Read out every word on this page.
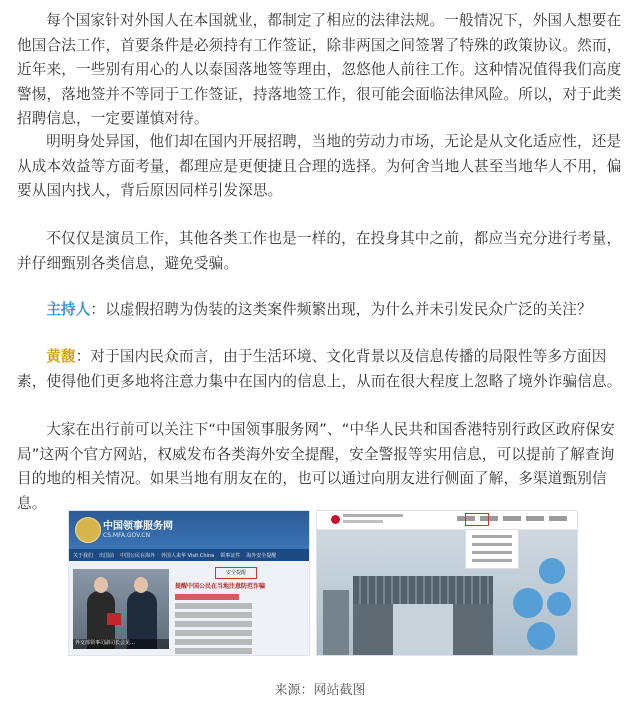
每个国家针对外国人在本国就业，都制定了相应的法律法规。一般情况下，外国人想要在他国合法工作，首要条件是必须持有工作签证，除非两国之间签署了特殊的政策协议。然而，近年来，一些别有用心的人以泰国落地签等理由，忽悠他人前往工作。这种情况值得我们高度警惕，落地签并不等同于工作签证，持落地签工作，很可能会面临法律风险。所以，对于此类招聘信息，一定要谨慎对待。

明明身处异国，他们却在国内开展招聘，当地的劳动力市场，无论是从文化适应性，还是从成本效益等方面考量，都理应是更便捷且合理的选择。为何舍当地人甚至当地华人不用，偏要从国内找人，背后原因同样引发深思。

不仅仅是演员工作，其他各类工作也是一样的，在投身其中之前，都应当充分进行考量，并仔细甄别各类信息，避免受骗。

主持人：以虚假招聘为伪装的这类案件频繁出现，为什么并未引发民众广泛的关注？

黄馥：对于国内民众而言，由于生活环境、文化背景以及信息传播的局限性等多方面因素，使得他们更多地将注意力集中在国内的信息上，从而在很大程度上忽略了境外诈骗信息。

大家在出行前可以关注下“中国领事服务网”、“中华人民共和国香港特别行政区政府保安局”这两个官方网站，权威发布各类海外安全提醒，安全警报等实用信息，可以提前了解查询目的地的相关情况。如果当地有朋友在的，也可以通过向朋友进行侧面了解，多渠道甄别信息。

中国领事服务网
CS.MFA.GOV.CN
关于我们 出国前 中国公民在海外 外国人来华 Visit China 领事证件 海外安全提醒
外交部领事司副司长会见…
安全提醒
提醒中国公民在当地注意防范诈骗
来源：网站截图
